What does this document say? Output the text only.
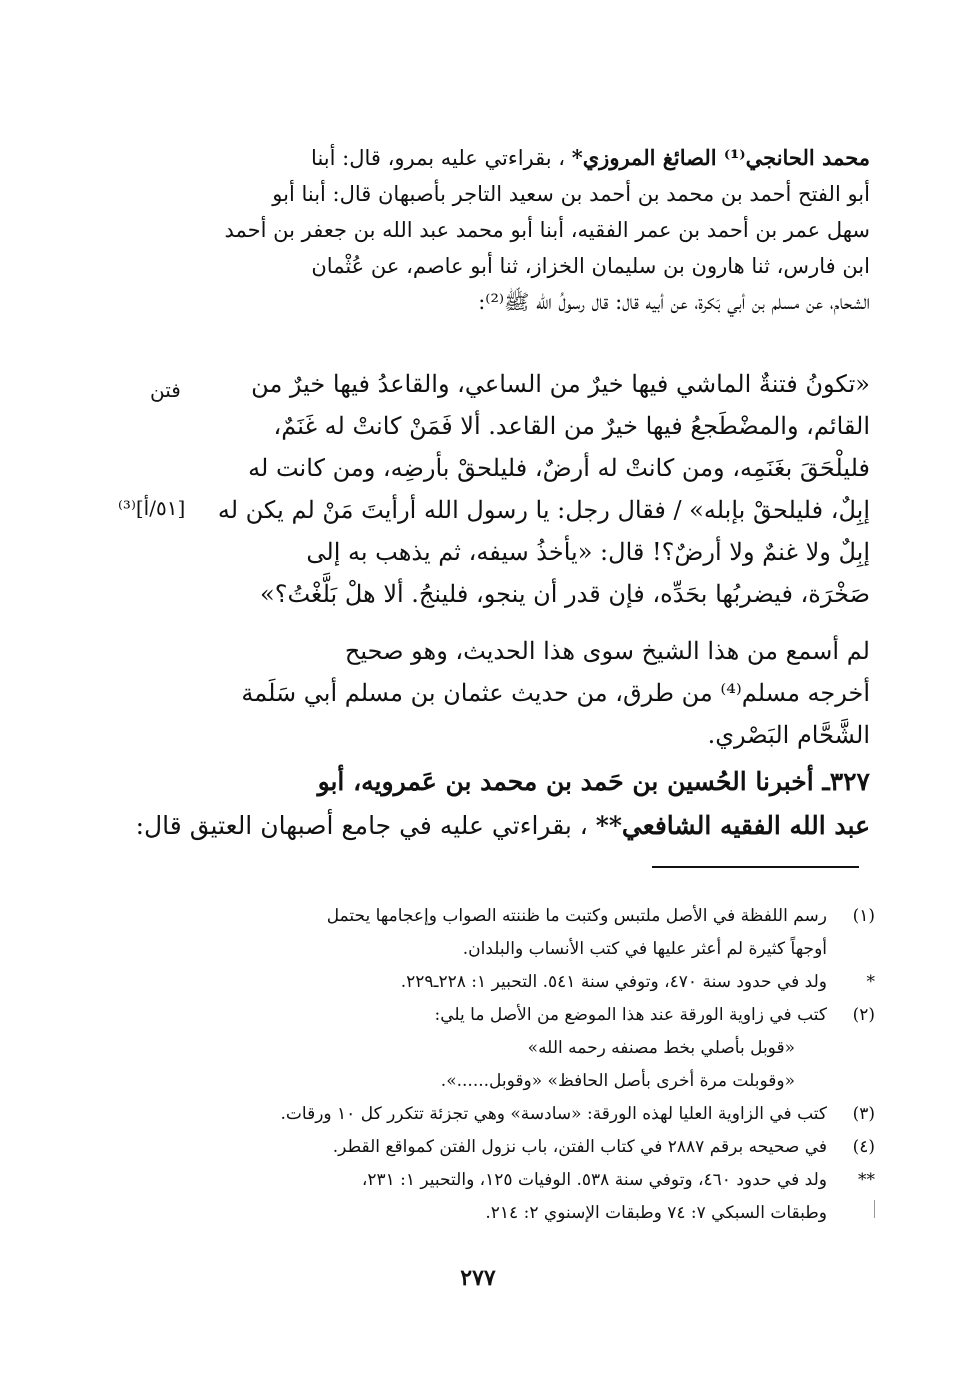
محمد الحانجي⁽¹⁾ الصائغ المروزي* ، بقراءتي عليه بمرو، قال: أبنا
أبو الفتح أحمد بن محمد بن أحمد بن سعيد التاجر بأصبهان قال: أبنا أبو
سهل عمر بن أحمد بن عمر الفقيه، أبنا أبو محمد عبد الله بن جعفر بن أحمد
ابن فارس، ثنا هارون بن سليمان الخزاز، ثنا أبو عاصم، عن عُثْمان
الشحام، عن مسلم بن أبي بَكرة، عن أبيه قال: قال رسولُ الله ﷺ⁽²⁾:
«تكونُ فتنةٌ الماشي فيها خيرٌ من الساعي، والقاعدُ فيها خيرٌ من
القائم، والمضْطَجعُ فيها خيرٌ من القاعد. ألا فَمَنْ كانتْ له غَنَمٌ،
فليلْحَقَ بغَنَمِه، ومن كانتْ له أرضٌ، فليلحقْ بأرضِه، ومن كانت له
إبِلٌ، فليلحقْ بإبله» / فقال رجل: يا رسول الله أرأيتَ مَنْ لم يكن له
إبِلٌ ولا غنمٌ ولا أرضٌ؟! قال: «يأخذُ سيفه، ثم يذهب به إلى
صَخْرَة، فيضربُها بحَدِّه، فإن قدر أن ينجو، فلينجُ. ألا هلْ بَلَّغْتُ؟»
لم أسمع من هذا الشيخ سوى هذا الحديث، وهو صحيح
أخرجه مسلم⁽⁴⁾ من طرق، من حديث عثمان بن مسلم أبي سَلَمة
الشَّحَّام البَصْري.
٣٢٧ـ أخبرنا الحُسين بن حَمد بن محمد بن عَمرويه، أبو
عبد الله الفقيه الشافعي** ، بقراءتي عليه في جامع أصبهان العتيق قال:
فتن
[٥١/أ]⁽³⁾
(١)رسم اللفظة في الأصل ملتبس وكتبت ما ظننته الصواب وإعجامها يحتمل
أوجهاً كثيرة لم أعثر عليها في كتب الأنساب والبلدان.
*ولد في حدود سنة ٤٧٠، وتوفي سنة ٥٤١. التحبير ١: ٢٢٨ـ٢٢٩.
(٢)كتب في زاوية الورقة عند هذا الموضع من الأصل ما يلي:
«قوبل بأصلي بخط مصنفه رحمه الله»
«وقوبلت مرة أخرى بأصل الحافظ» «وقوبل......».
(٣)كتب في الزاوية العليا لهذه الورقة: «سادسة» وهي تجزئة تتكرر كل ١٠ ورقات.
(٤)في صحيحه برقم ٢٨٨٧ في كتاب الفتن، باب نزول الفتن كمواقع القطر.
**ولد في حدود ٤٦٠، وتوفي سنة ٥٣٨. الوفيات ١٢٥، والتحبير ١: ٢٣١،
وطبقات السبكي ٧: ٧٤ وطبقات الإسنوي ٢: ٢١٤.
٢٧٧
